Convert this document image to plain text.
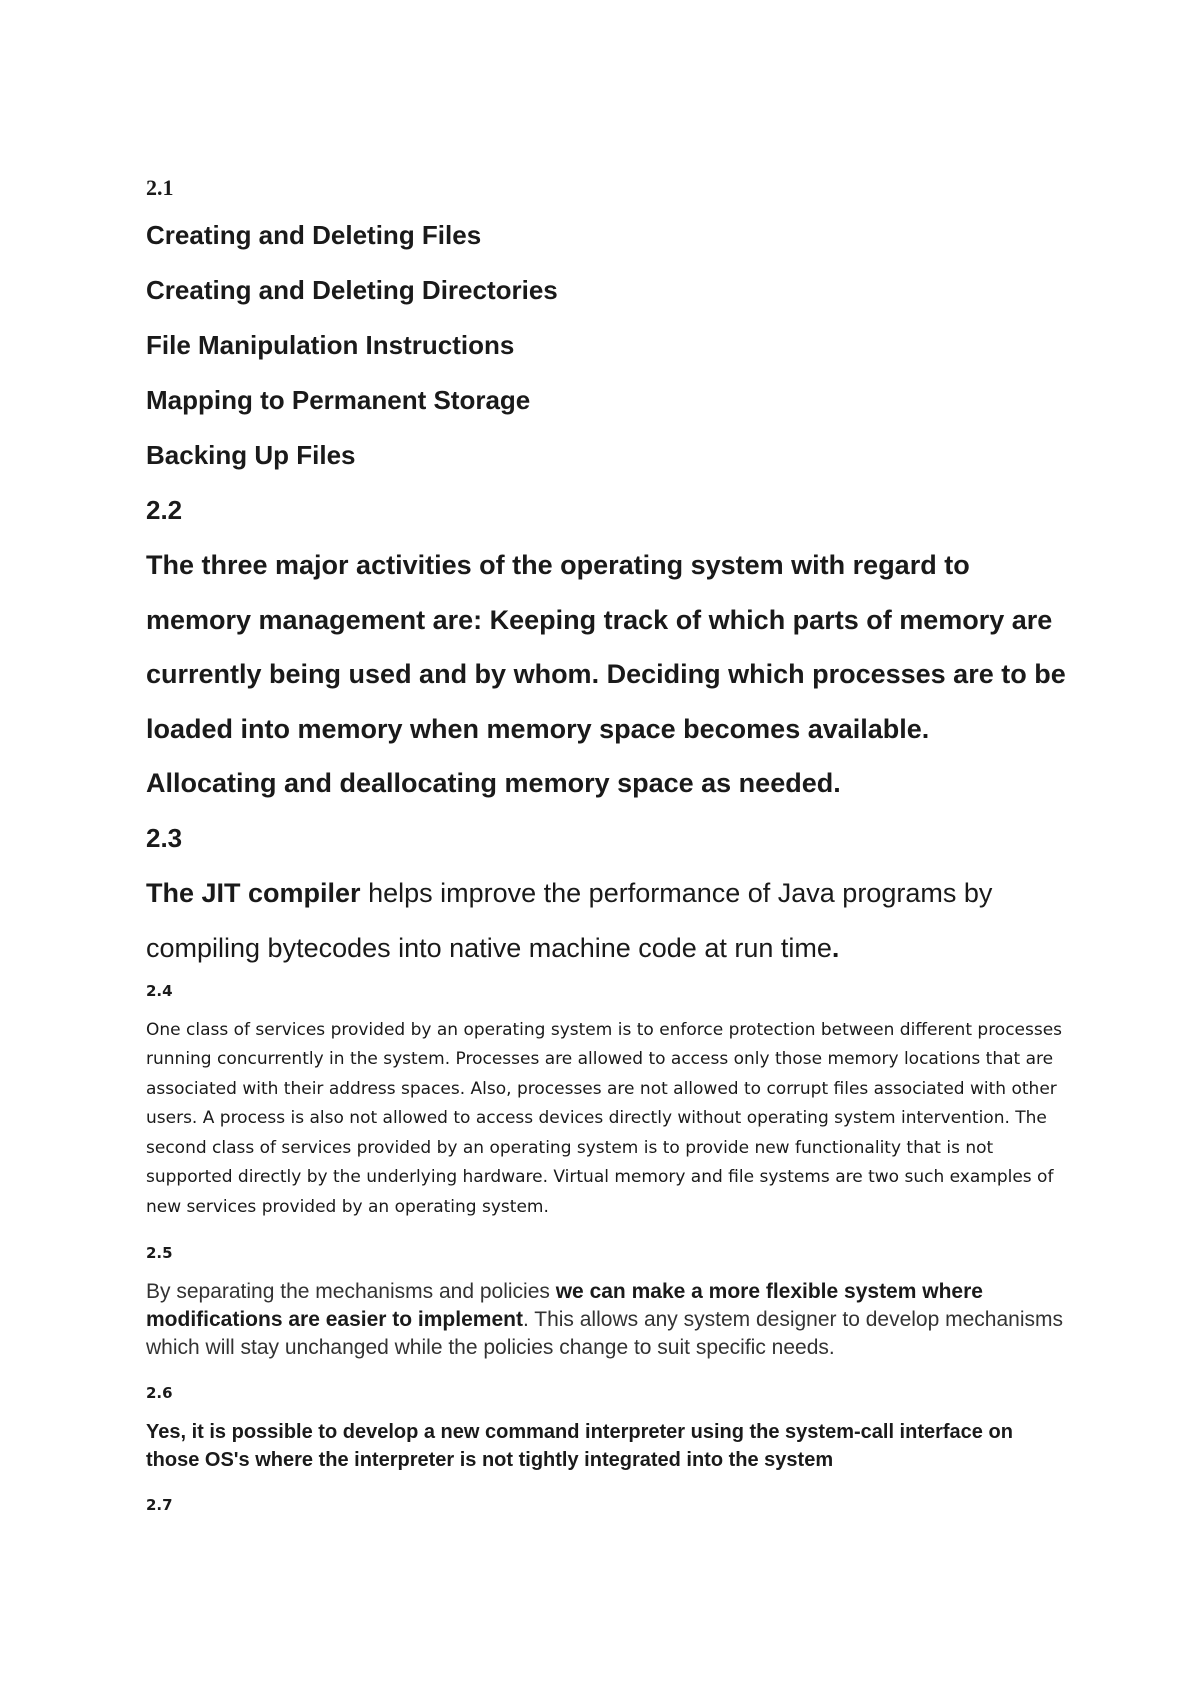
2.1

Creating and Deleting Files

Creating and Deleting Directories

File Manipulation Instructions

Mapping to Permanent Storage

Backing Up Files

2.2

The three major activities of the operating system with regard to memory management are: Keeping track of which parts of memory are currently being used and by whom. Deciding which processes are to be loaded into memory when memory space becomes available. Allocating and deallocating memory space as needed.

2.3

The JIT compiler helps improve the performance of Java programs by compiling bytecodes into native machine code at run time.

2.4

One class of services provided by an operating system is to enforce protection between different processes running concurrently in the system. Processes are allowed to access only those memory locations that are associated with their address spaces. Also, processes are not allowed to corrupt files associated with other users. A process is also not allowed to access devices directly without operating system intervention. The second class of services provided by an operating system is to provide new functionality that is not supported directly by the underlying hardware. Virtual memory and file systems are two such examples of new services provided by an operating system.

2.5

By separating the mechanisms and policies we can make a more flexible system where modifications are easier to implement. This allows any system designer to develop mechanisms which will stay unchanged while the policies change to suit specific needs.

2.6

Yes, it is possible to develop a new command interpreter using the system-call interface on those OS's where the interpreter is not tightly integrated into the system

2.7
